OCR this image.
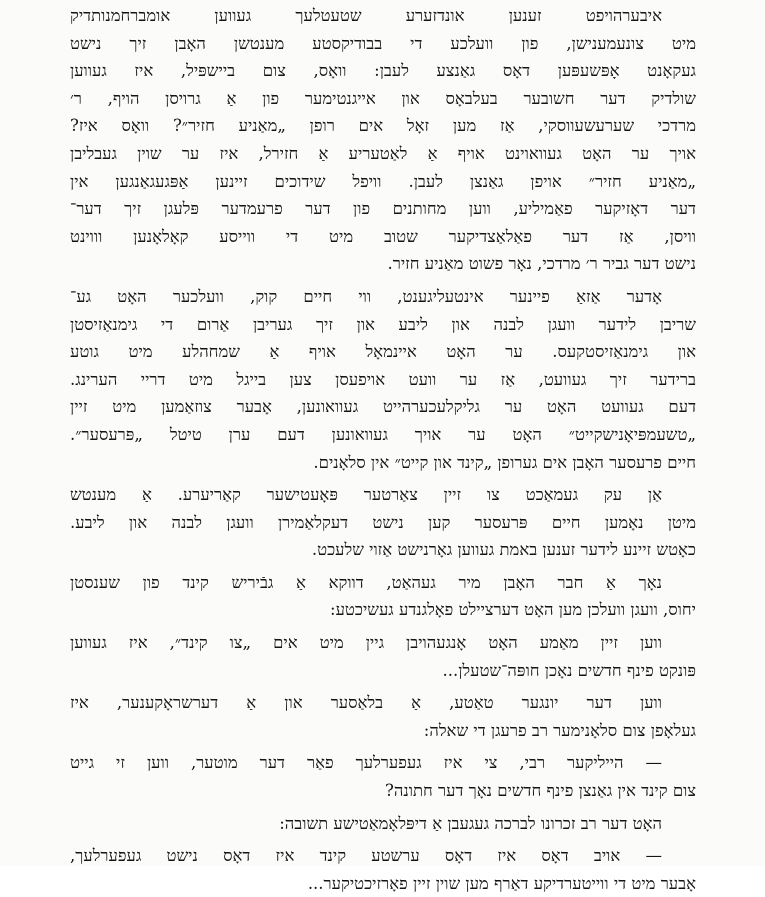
איבערהויפט זענען אונדזערע שטעטלעך געווען אומברחמנותדיק
מיט צונעמענישן, פון וועלכע די בבודיקסטע מענטשן האָבן זיך נישט
געקאָנט אָפּשעפּען דאָס גאַנצע לעבן: וואָס, צום ביישפּיל, איז געווען
שולדיק דער חשובער בעלבאָס און אייגנטימער פון אַ גרויסן הויף, ר׳
מרדכי שערעשעווסקי, אַז מען זאָל אים רופן „מאַניע חזיר״? וואָס איז?
אויך ער האָט געוואוינט אויף אַ לאַטעריע אַ חזירל, איז ער שוין געבליבן
„מאַניע חזיר״ אויפן גאַנצן לעבן. וויפל שידוכים זיינען אַפּגעגאַנגען אין
דער דאָזיקער פאַמיליע, ווען מחותנים פון דער פרעמדער פּלעגן זיך דער־
וויסן, אַז דער פאַלאַצדיקער שטוב מיט די ווייסע קאָלאָנען וווינט
נישט דער גביר ר׳ מרדכי, נאָר פשוט מאַניע חזיר.
אָדער אַזאַ פיינער אינטעליגענט, ווי חיים קוק, וועלכער האָט גע־
שריבן לידער וועגן לבנה און ליבע און זיך געריבן אַרום די גימנאַזיסטן
און גימנאַזיסטקעס. ער האָט איינמאָל אויף אַ שמחהלע מיט גוטע
ברידער זיך געוועט, אַז ער וועט אויפעסן צען בייגל מיט דריי הערינג.
דעם געוועט האָט ער גליקלעכערהייט געוואונען, אָבער צוזאַמען מיט זיין
„טשעמפּיאָנישקייט״ האָט ער אויך געוואונען דעם ערן טיטל „פּרעסער״.
חיים פרעסער האָבן אים גערופן „קינד און קייט״ אין סלאָנים.
אַן עק געמאַכט צו זיין צאַרטער פּאָעטישער קאַריערע. אַ מענטש
מיטן נאָמען חיים פּרעסער קען נישט דעקלאַמירן וועגן לבנה און ליבע.
כאָטש זיינע לידער זענען באמת געווען גאָרנישט אַזוי שלעכט.
נאָך אַ חבר האָבן מיר געהאַט, דווקא אַ גבֿיריש קינד פון שענסטן
יחוס, וועגן וועלכן מען האָט דערציילט פאָלגנדע געשיכטע:
ווען זיין מאַמע האָט אָנגעהויבן גיין מיט אים „צו קינד״, איז געווען
פּונקט פינף חדשים נאָכן חופּה־שטעלן...
ווען דער יונגער טאַטע, אַ בלאַסער און אַ דערשראָקענער, איז
געלאָפן צום סלאָנימער רב פרעגן די שאלה:
— הייליקער רבי, צי איז געפערלעך פאַר דער מוטער, ווען זי גייט
צום קינד אין גאַנצן פינף חדשים נאָך דער חתונה?
האָט דער רב זכרונו לברכה געגעבן אַ דיפּלאָמאַטישע תשובה:
— אויב דאָס איז דאָס ערשטע קינד איז דאָס נישט געפערלעך,
אָבער מיט די ווייטערדיקע דאַרף מען שוין זיין פאָרזיכטיקער...
